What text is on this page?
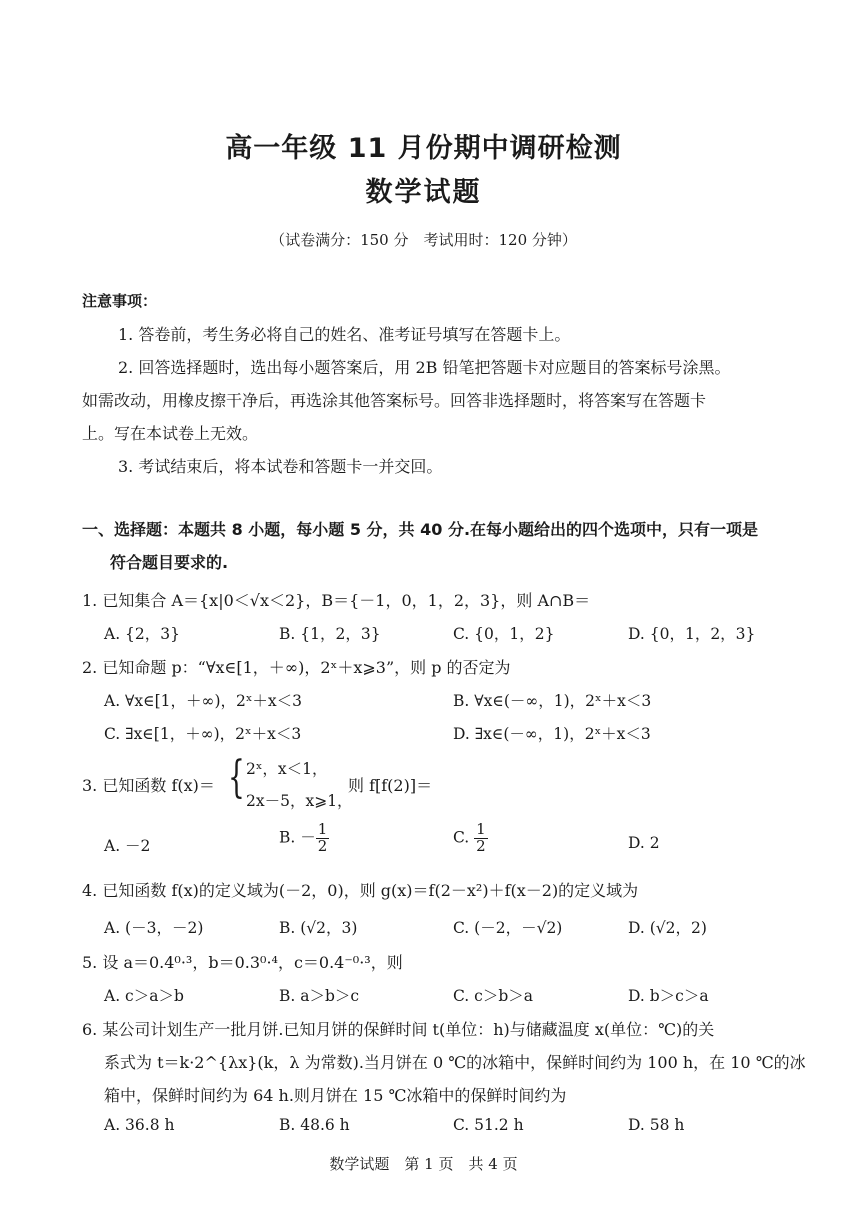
高一年级 11 月份期中调研检测
数学试题
（试卷满分：150 分　考试用时：120 分钟）
注意事项：
1. 答卷前，考生务必将自己的姓名、准考证号填写在答题卡上。
2. 回答选择题时，选出每小题答案后，用 2B 铅笔把答题卡对应题目的答案标号涂黑。
如需改动，用橡皮擦干净后，再选涂其他答案标号。回答非选择题时，将答案写在答题卡
上。写在本试卷上无效。
3. 考试结束后，将本试卷和答题卡一并交回。
一、选择题：本题共 8 小题，每小题 5 分，共 40 分.在每小题给出的四个选项中，只有一项是
符合题目要求的.
1. 已知集合 A＝{x|0＜√x＜2}，B＝{－1，0，1，2，3}，则 A∩B＝
A. {2，3}	B. {1，2，3}	C. {0，1，2}	D. {0，1，2，3}
2. 已知命题 p：“∀x∈[1，＋∞)，2ˣ＋x⩾3”，则 p 的否定为
A. ∀x∈[1，＋∞)，2ˣ＋x＜3	B. ∀x∈(－∞，1)，2ˣ＋x＜3
C. ∃x∈[1，＋∞)，2ˣ＋x＜3	D. ∃x∈(－∞，1)，2ˣ＋x＜3
3. 已知函数 f(x)＝ { 2ˣ，x＜1，
2x－5，x⩾1，
则 f[f(2)]＝
A. －2	B. － $\frac{1}{2}$	C. $\frac{1}{2}$	D. 2
4. 已知函数 f(x)的定义域为(－2，0)，则 g(x)＝f(2－x²)＋f(x－2)的定义域为
A. (－3，－2)	B. (√2，3)	C. (－2，－√2)	D. (√2，2)
5. 设 a＝0.4⁰·³，b＝0.3⁰·⁴，c＝0.4⁻⁰·³，则
A. c＞a＞b	B. a＞b＞c	C. c＞b＞a	D. b＞c＞a
6. 某公司计划生产一批月饼.已知月饼的保鲜时间 t(单位：h)与储藏温度 x(单位：℃)的关
系式为 t＝k·2^{λx}(k，λ 为常数).当月饼在 0 ℃的冰箱中，保鲜时间约为 100 h，在 10 ℃的冰
箱中，保鲜时间约为 64 h.则月饼在 15 ℃冰箱中的保鲜时间约为
A. 36.8 h	B. 48.6 h	C. 51.2 h	D. 58 h
数学试题　第 1 页　共 4 页
